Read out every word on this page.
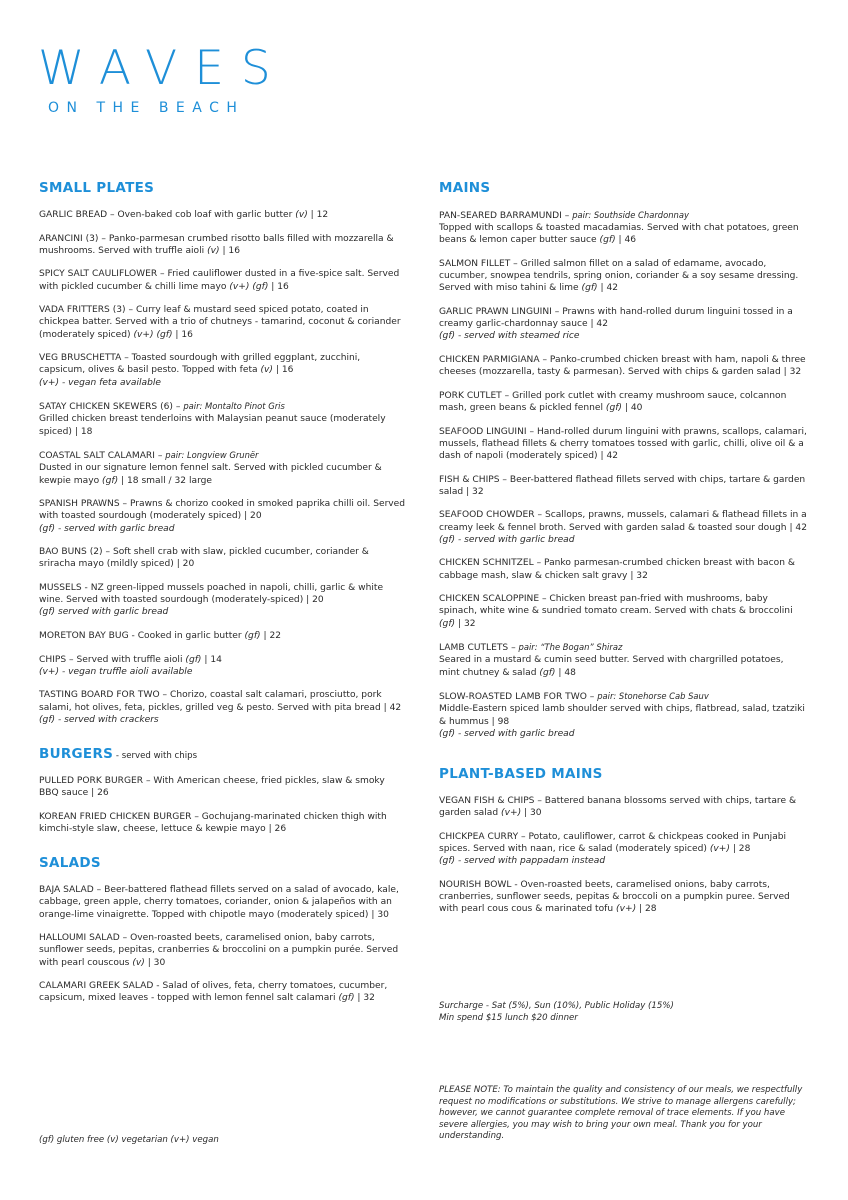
WAVES
ON THE BEACH
SMALL PLATES
GARLIC BREAD – Oven-baked cob loaf with garlic butter (v) | 12
ARANCINI (3) – Panko-parmesan crumbed risotto balls filled with mozzarella & mushrooms. Served with truffle aioli (v) | 16
SPICY SALT CAULIFLOWER – Fried cauliflower dusted in a five-spice salt. Served with pickled cucumber & chilli lime mayo (v+) (gf) | 16
VADA FRITTERS (3) – Curry leaf & mustard seed spiced potato, coated in chickpea batter. Served with a trio of chutneys - tamarind, coconut & coriander (moderately spiced) (v+) (gf) | 16
VEG BRUSCHETTA – Toasted sourdough with grilled eggplant, zucchini, capsicum, olives & basil pesto. Topped with feta (v) | 16
(v+) - vegan feta available
SATAY CHICKEN SKEWERS (6) – pair: Montalto Pinot Gris
Grilled chicken breast tenderloins with Malaysian peanut sauce (moderately spiced) | 18
COASTAL SALT CALAMARI – pair: Longview Grunër
Dusted in our signature lemon fennel salt. Served with pickled cucumber & kewpie mayo (gf) | 18 small / 32 large
SPANISH PRAWNS – Prawns & chorizo cooked in smoked paprika chilli oil. Served with toasted sourdough (moderately spiced) | 20
(gf) - served with garlic bread
BAO BUNS (2) – Soft shell crab with slaw, pickled cucumber, coriander & sriracha mayo (mildly spiced) | 20
MUSSELS - NZ green-lipped mussels poached in napoli, chilli, garlic & white wine. Served with toasted sourdough (moderately-spiced) | 20
(gf) served with garlic bread
MORETON BAY BUG - Cooked in garlic butter (gf) | 22
CHIPS – Served with truffle aioli (gf) | 14
(v+) - vegan truffle aioli available
TASTING BOARD FOR TWO – Chorizo, coastal salt calamari, prosciutto, pork salami, hot olives, feta, pickles, grilled veg & pesto. Served with pita bread | 42
(gf) - served with crackers
BURGERS - served with chips
PULLED PORK BURGER – With American cheese, fried pickles, slaw & smoky BBQ sauce | 26
KOREAN FRIED CHICKEN BURGER – Gochujang-marinated chicken thigh with kimchi-style slaw, cheese, lettuce & kewpie mayo | 26
SALADS
BAJA SALAD – Beer-battered flathead fillets served on a salad of avocado, kale, cabbage, green apple, cherry tomatoes, coriander, onion & jalapeños with an orange-lime vinaigrette. Topped with chipotle mayo (moderately spiced) | 30
HALLOUMI SALAD – Oven-roasted beets, caramelised onion, baby carrots, sunflower seeds, pepitas, cranberries & broccolini on a pumpkin purée. Served with pearl couscous (v) | 30
CALAMARI GREEK SALAD - Salad of olives, feta, cherry tomatoes, cucumber, capsicum, mixed leaves - topped with lemon fennel salt calamari (gf) | 32
MAINS
PAN-SEARED BARRAMUNDI – pair: Southside Chardonnay
Topped with scallops & toasted macadamias. Served with chat potatoes, green beans & lemon caper butter sauce (gf) | 46
SALMON FILLET – Grilled salmon fillet on a salad of edamame, avocado, cucumber, snowpea tendrils, spring onion, coriander & a soy sesame dressing. Served with miso tahini & lime (gf) | 42
GARLIC PRAWN LINGUINI – Prawns with hand-rolled durum linguini tossed in a creamy garlic-chardonnay sauce | 42
(gf) - served with steamed rice
CHICKEN PARMIGIANA – Panko-crumbed chicken breast with ham, napoli & three cheeses (mozzarella, tasty & parmesan). Served with chips & garden salad | 32
PORK CUTLET – Grilled pork cutlet with creamy mushroom sauce, colcannon mash, green beans & pickled fennel (gf) | 40
SEAFOOD LINGUINI – Hand-rolled durum linguini with prawns, scallops, calamari, mussels, flathead fillets & cherry tomatoes tossed with garlic, chilli, olive oil & a dash of napoli (moderately spiced) | 42
FISH & CHIPS – Beer-battered flathead fillets served with chips, tartare & garden salad | 32
SEAFOOD CHOWDER – Scallops, prawns, mussels, calamari & flathead fillets in a creamy leek & fennel broth. Served with garden salad & toasted sour dough | 42
(gf) - served with garlic bread
CHICKEN SCHNITZEL – Panko parmesan-crumbed chicken breast with bacon & cabbage mash, slaw & chicken salt gravy | 32
CHICKEN SCALOPPINE – Chicken breast pan-fried with mushrooms, baby spinach, white wine & sundried tomato cream. Served with chats & broccolini (gf) | 32
LAMB CUTLETS – pair: “The Bogan” Shiraz
Seared in a mustard & cumin seed butter. Served with chargrilled potatoes, mint chutney & salad (gf) | 48
SLOW-ROASTED LAMB FOR TWO – pair: Stonehorse Cab Sauv
Middle-Eastern spiced lamb shoulder served with chips, flatbread, salad, tzatziki & hummus | 98
(gf) - served with garlic bread
PLANT-BASED MAINS
VEGAN FISH & CHIPS – Battered banana blossoms served with chips, tartare & garden salad (v+) | 30
CHICKPEA CURRY – Potato, cauliflower, carrot & chickpeas cooked in Punjabi spices. Served with naan, rice & salad (moderately spiced) (v+) | 28
(gf) - served with pappadam instead
NOURISH BOWL - Oven-roasted beets, caramelised onions, baby carrots, cranberries, sunflower seeds, pepitas & broccoli on a pumpkin puree. Served with pearl cous cous & marinated tofu (v+) | 28
Surcharge - Sat (5%), Sun (10%), Public Holiday (15%)
Min spend $15 lunch $20 dinner
PLEASE NOTE: To maintain the quality and consistency of our meals, we respectfully request no modifications or substitutions. We strive to manage allergens carefully; however, we cannot guarantee complete removal of trace elements. If you have severe allergies, you may wish to bring your own meal. Thank you for your understanding.
(gf) gluten free (v) vegetarian (v+) vegan
